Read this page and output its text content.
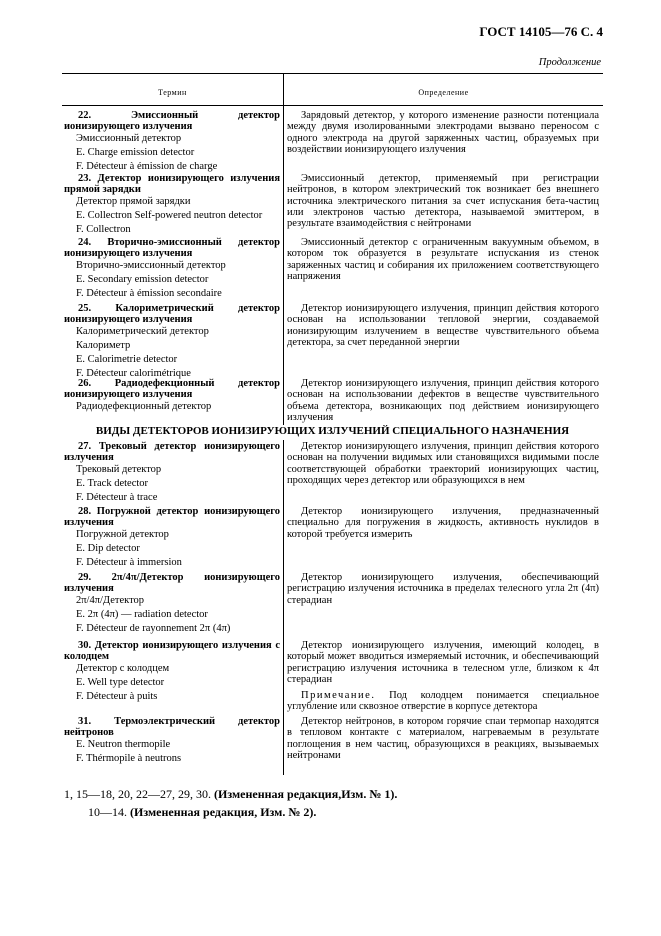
ГОСТ 14105—76 С. 4
Продолжение
Термин	Определение
ВИДЫ ДЕТЕКТОРОВ ИОНИЗИРУЮЩИХ ИЗЛУЧЕНИЙ СПЕЦИАЛЬНОГО НАЗНАЧЕНИЯ
22. Эмиссионный детектор ионизирующего излучения
Эмиссионный детектор
E. Charge emission detector
F. Détecteur à émission de charge
Зарядовый детектор, у которого изменение разности потенциала между двумя изолированными электродами вызвано переносом с одного электрода на другой заряженных частиц, образуемых при воздействии ионизирующего излучения
23. Детектор ионизирующего излучения прямой зарядки
Детектор прямой зарядки
E. Collectron Self-powered neutron detector
F. Collectron
Эмиссионный детектор, применяемый при регистрации нейтронов, в котором электрический ток возникает без внешнего источника электрического питания за счет испускания бета-частиц или электронов частью детектора, называемой эмиттером, в результате взаимодействия с нейтронами
24. Вторично-эмиссионный детектор ионизирующего излучения
Вторично-эмиссионный детектор
E. Secondary emission detector
F. Détecteur à émission secondaire
Эмиссионный детектор с ограниченным вакуумным объемом, в котором ток образуется в результате испускания из стенок заряженных частиц и собирания их приложением соответствующего напряжения
25. Калориметрический детектор ионизирующего излучения
Калориметрический детектор
Калориметр
E. Calorimetrie detector
F. Détecteur calorimétrique
Детектор ионизирующего излучения, принцип действия которого основан на использовании тепловой энергии, создаваемой ионизирующим излучением в веществе чувствительного объема детектора, за счет переданной энергии
26. Радиодефекционный детектор ионизирующего излучения
Радиодефекционный детектор
Детектор ионизирующего излучения, принцип действия которого основан на использовании дефектов в веществе чувствительного объема детектора, возникающих под действием ионизирующего излучения
27. Трековый детектор ионизирующего излучения
Трековый детектор
E. Track detector
F. Détecteur à trace
Детектор ионизирующего излучения, принцип действия которого основан на получении видимых или становящихся видимыми после соответствующей обработки траекторий ионизирующих частиц, проходящих через детектор или образующихся в нем
28. Погружной детектор ионизирующего излучения
Погружной детектор
E. Dip detector
F. Détecteur à immersion
Детектор ионизирующего излучения, предназначенный специально для погружения в жидкость, активность нуклидов в которой требуется измерить
29. 2π/4π/Детектор ионизирующего излучения
2π/4π/Детектор
E. 2π (4π) — radiation detector
F. Détecteur de rayonnement 2π (4π)
Детектор ионизирующего излучения, обеспечивающий регистрацию излучения источника в пределах телесного угла 2π (4π) стерадиан
30. Детектор ионизирующего излучения с колодцем
Детектор с колодцем
E. Well type detector
F. Détecteur à puits
Детектор ионизирующего излучения, имеющий колодец, в который может вводиться измеряемый источник, и обеспечивающий регистрацию излучения источника в телесном угле, близком к 4π стерадиан
Примечание. Под колодцем понимается специальное углубление или сквозное отверстие в корпусе детектора
31. Термоэлектрический детектор нейтронов
E. Neutron thermopile
F. Thérmopile à neutrons
Детектор нейтронов, в котором горячие спаи термопар находятся в тепловом контакте с материалом, нагреваемым в результате поглощения в нем частиц, образующихся в реакциях, вызываемых нейтронами
1, 15—18, 20, 22—27, 29, 30. (Измененная редакция,Изм. № 1).
10—14. (Измененная редакция, Изм. № 2).
